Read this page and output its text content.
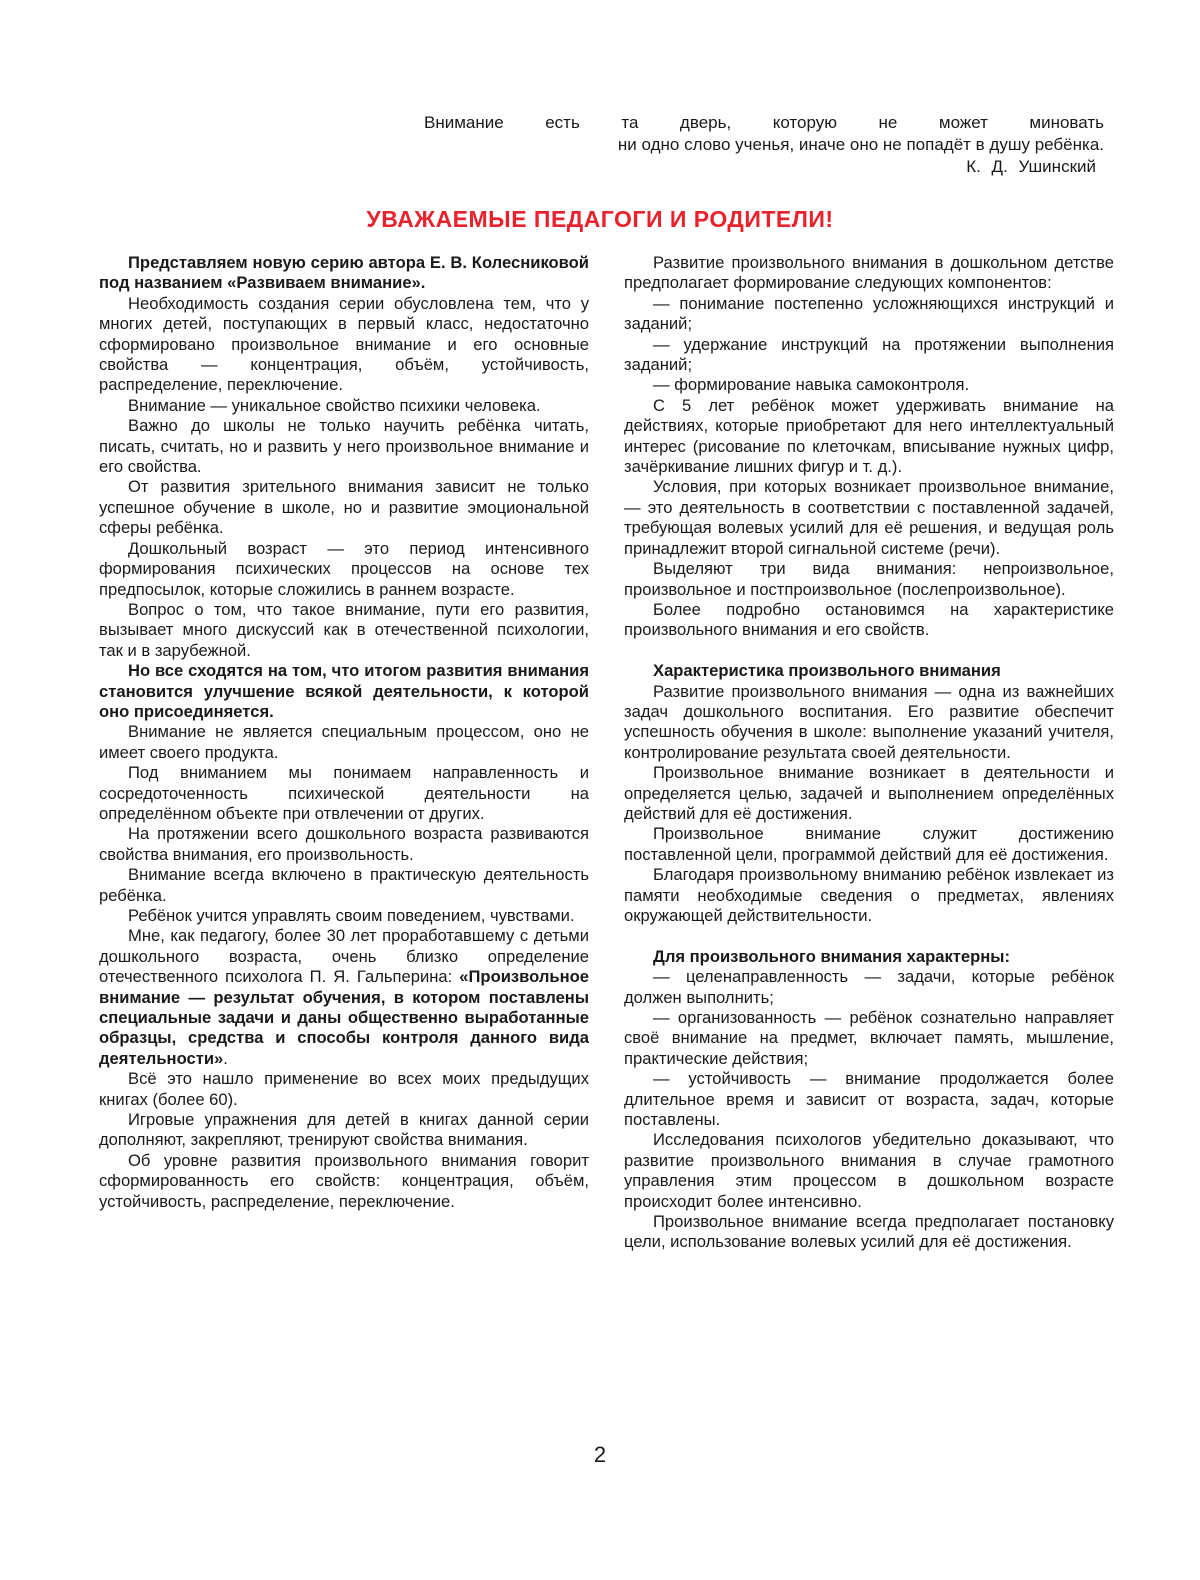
Внимание есть та дверь, которую не может миновать
ни одно слово ученья, иначе оно не попадёт в душу ребёнка.
К. Д. Ушинский
УВАЖАЕМЫЕ ПЕДАГОГИ И РОДИТЕЛИ!

Представляем новую серию автора Е. В. Колесниковой под названием «Развиваем внимание».

Необходимость создания серии обусловлена тем, что у многих детей, поступающих в первый класс, недостаточно сформировано произвольное внимание и его основные свойства — концентрация, объём, устойчивость, распределение, переключение.

Внимание — уникальное свойство психики человека.

Важно до школы не только научить ребёнка читать, писать, считать, но и развить у него произвольное внимание и его свойства.

От развития зрительного внимания зависит не только успешное обучение в школе, но и развитие эмоциональной сферы ребёнка.

Дошкольный возраст — это период интенсивного формирования психических процессов на основе тех предпосылок, которые сложились в раннем возрасте.

Вопрос о том, что такое внимание, пути его развития, вызывает много дискуссий как в отечественной психологии, так и в зарубежной.

Но все сходятся на том, что итогом развития внимания становится улучшение всякой деятельности, к которой оно присоединяется.

Внимание не является специальным процессом, оно не имеет своего продукта.

Под вниманием мы понимаем направленность и сосредоточенность психической деятельности на определённом объекте при отвлечении от других.

На протяжении всего дошкольного возраста развиваются свойства внимания, его произвольность.

Внимание всегда включено в практическую деятельность ребёнка.

Ребёнок учится управлять своим поведением, чувствами.

Мне, как педагогу, более 30 лет проработавшему с детьми дошкольного возраста, очень близко определение отечественного психолога П. Я. Гальперина: «Произвольное внимание — результат обучения, в котором поставлены специальные задачи и даны общественно выработанные образцы, средства и способы контроля данного вида деятельности».

Всё это нашло применение во всех моих предыдущих книгах (более 60).

Игровые упражнения для детей в книгах данной серии дополняют, закрепляют, тренируют свойства внимания.

Об уровне развития произвольного внимания говорит сформированность его свойств: концентрация, объём, устойчивость, распределение, переключение.

Развитие произвольного внимания в дошкольном детстве предполагает формирование следующих компонентов:

— понимание постепенно усложняющихся инструкций и заданий;

— удержание инструкций на протяжении выполнения заданий;

— формирование навыка самоконтроля.

С 5 лет ребёнок может удерживать внимание на действиях, которые приобретают для него интеллектуальный интерес (рисование по клеточкам, вписывание нужных цифр, зачёркивание лишних фигур и т. д.).

Условия, при которых возникает произвольное внимание, — это деятельность в соответствии с поставленной задачей, требующая волевых усилий для её решения, и ведущая роль принадлежит второй сигнальной системе (речи).

Выделяют три вида внимания: непроизвольное, произвольное и постпроизвольное (послепроизвольное).

Более подробно остановимся на характеристике произвольного внимания и его свойств.

Характеристика произвольного внимания

Развитие произвольного внимания — одна из важнейших задач дошкольного воспитания. Его развитие обеспечит успешность обучения в школе: выполнение указаний учителя, контролирование результата своей деятельности.

Произвольное внимание возникает в деятельности и определяется целью, задачей и выполнением определённых действий для её достижения.

Произвольное внимание служит достижению поставленной цели, программой действий для её достижения.

Благодаря произвольному вниманию ребёнок извлекает из памяти необходимые сведения о предметах, явлениях окружающей действительности.

Для произвольного внимания характерны:

— целенаправленность — задачи, которые ребёнок должен выполнить;

— организованность — ребёнок сознательно направляет своё внимание на предмет, включает память, мышление, практические действия;

— устойчивость — внимание продолжается более длительное время и зависит от возраста, задач, которые поставлены.

Исследования психологов убедительно доказывают, что развитие произвольного внимания в случае грамотного управления этим процессом в дошкольном возрасте происходит более интенсивно.

Произвольное внимание всегда предполагает постановку цели, использование волевых усилий для её достижения.

2
